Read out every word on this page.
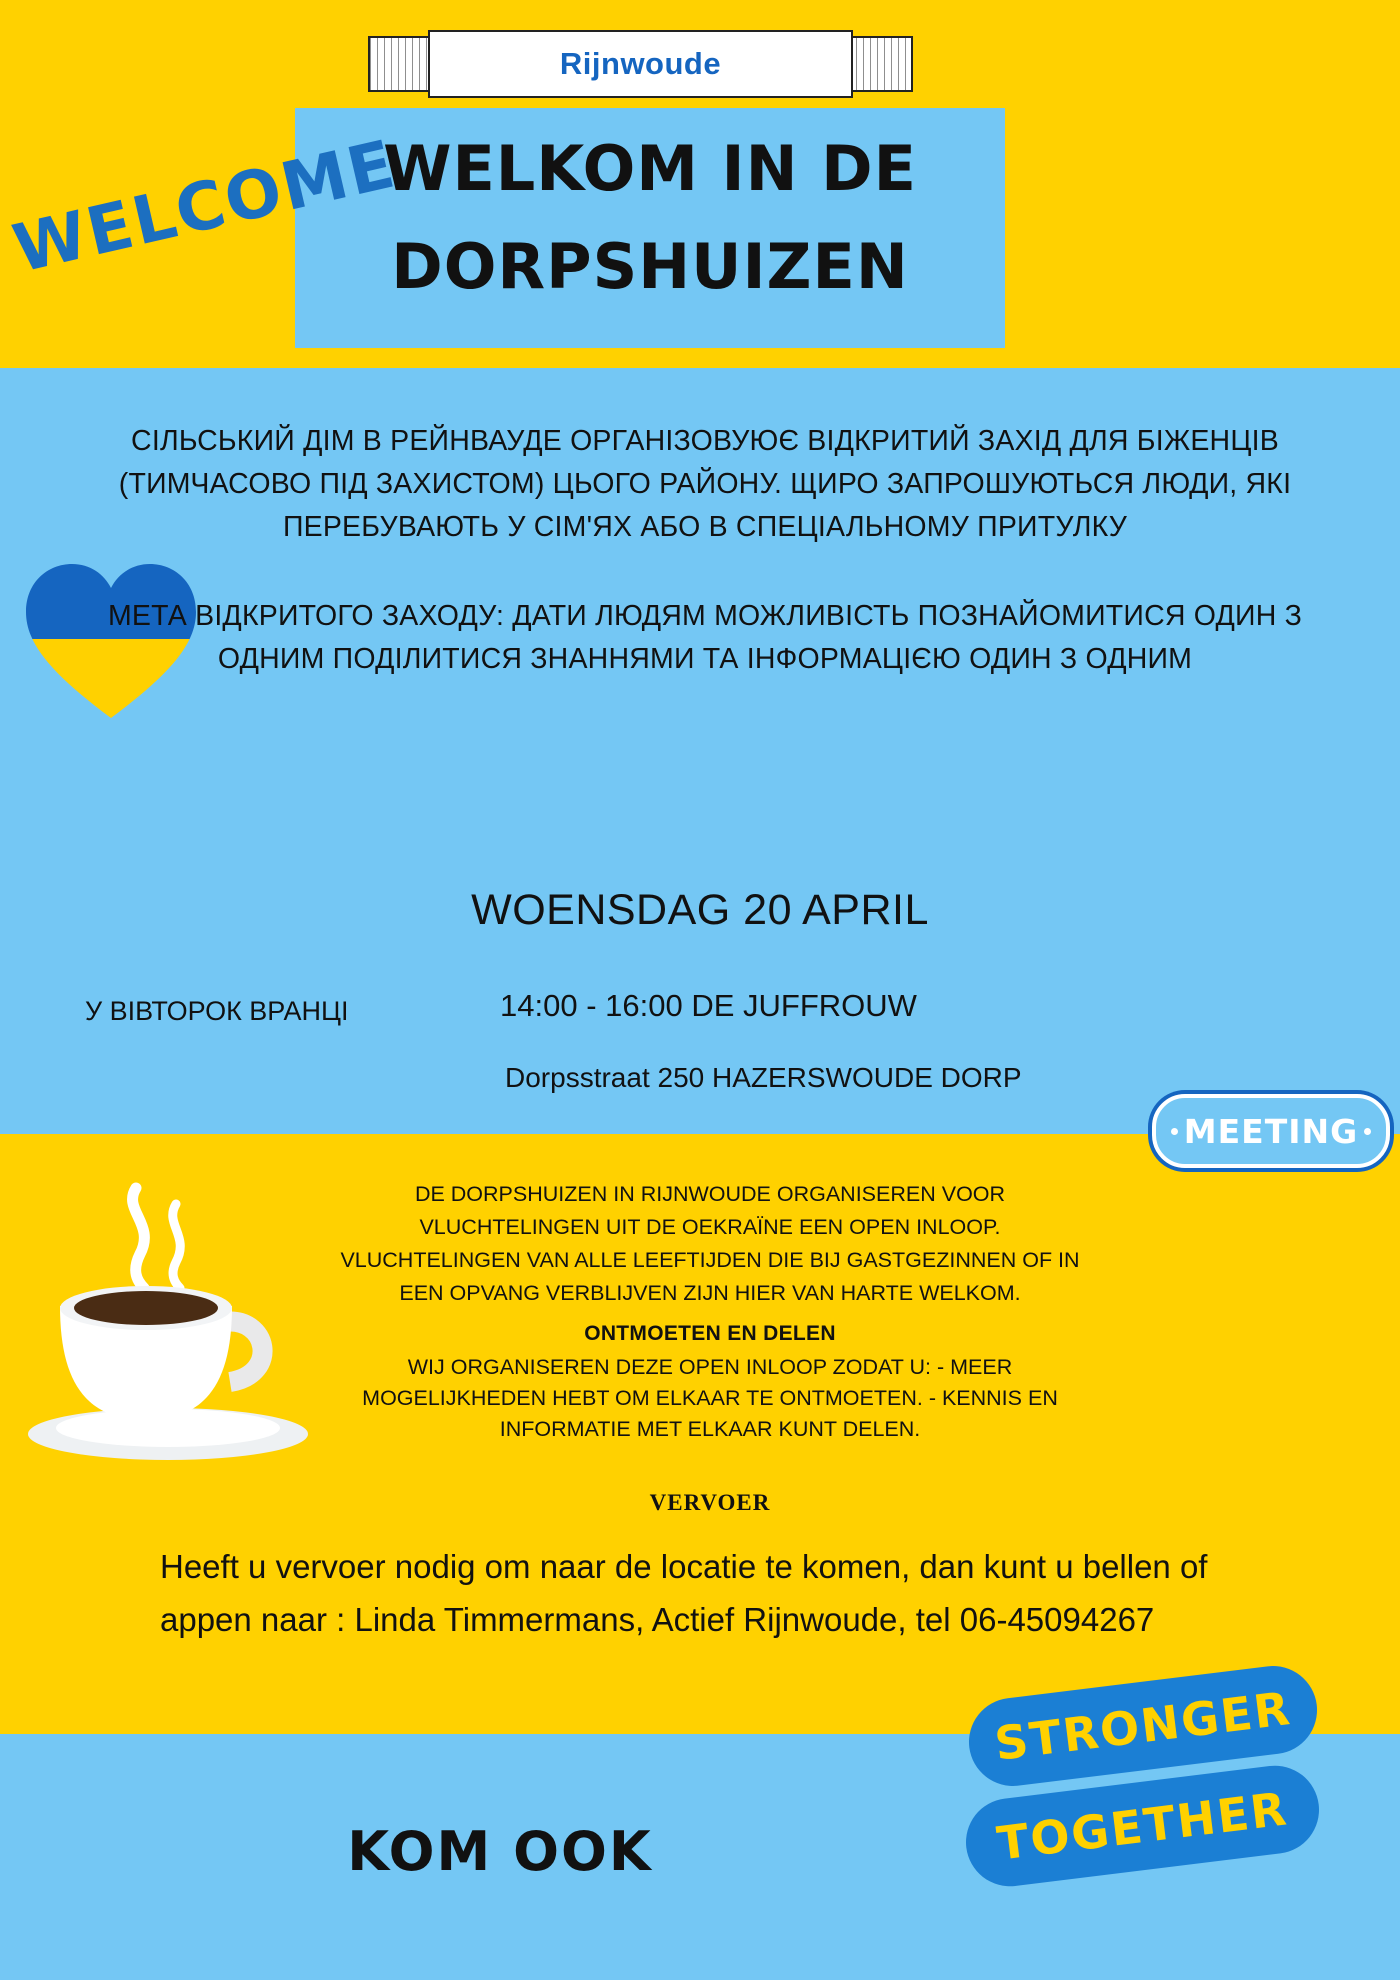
Rijnwoude
WELKOM IN DE
DORPSHUIZEN
WELCOME
СІЛЬСЬКИЙ ДІМ В РЕЙНВАУДЕ ОРГАНІЗОВУЮЄ ВІДКРИТИЙ ЗАХІД ДЛЯ БІЖЕНЦІВ (ТИМЧАСОВО ПІД ЗАХИСТОМ) ЦЬОГО РАЙОНУ. ЩИРО ЗАПРОШУЮТЬСЯ ЛЮДИ, ЯКІ ПЕРЕБУВАЮТЬ У СІМ'ЯХ АБО В СПЕЦІАЛЬНОМУ ПРИТУЛКУ
МЕТА ВІДКРИТОГО ЗАХОДУ: ДАТИ ЛЮДЯМ МОЖЛИВІСТЬ ПОЗНАЙОМИТИСЯ ОДИН З ОДНИМ ПОДІЛИТИСЯ ЗНАННЯМИ ТА ІНФОРМАЦІЄЮ ОДИН З ОДНИМ
WOENSDAG 20 APRIL
У ВІВТОРОК ВРАНЦІ	14:00 - 16:00 DE JUFFROUW
Dorpsstraat 250 HAZERSWOUDE DORP
MEETING
DE DORPSHUIZEN IN RIJNWOUDE ORGANISEREN VOOR VLUCHTELINGEN UIT DE OEKRAÏNE EEN OPEN INLOOP. VLUCHTELINGEN VAN ALLE LEEFTIJDEN DIE BIJ GASTGEZINNEN OF IN EEN OPVANG VERBLIJVEN ZIJN HIER VAN HARTE WELKOM.
ONTMOETEN EN DELEN
WIJ ORGANISEREN DEZE OPEN INLOOP ZODAT U: - MEER MOGELIJKHEDEN HEBT OM ELKAAR TE ONTMOETEN. - KENNIS EN INFORMATIE MET ELKAAR KUNT DELEN.
VERVOER
Heeft u vervoer nodig om naar de locatie te komen, dan kunt u bellen of appen naar : Linda Timmermans, Actief Rijnwoude, tel 06-45094267
STRONGER
TOGETHER
KOM OOK
